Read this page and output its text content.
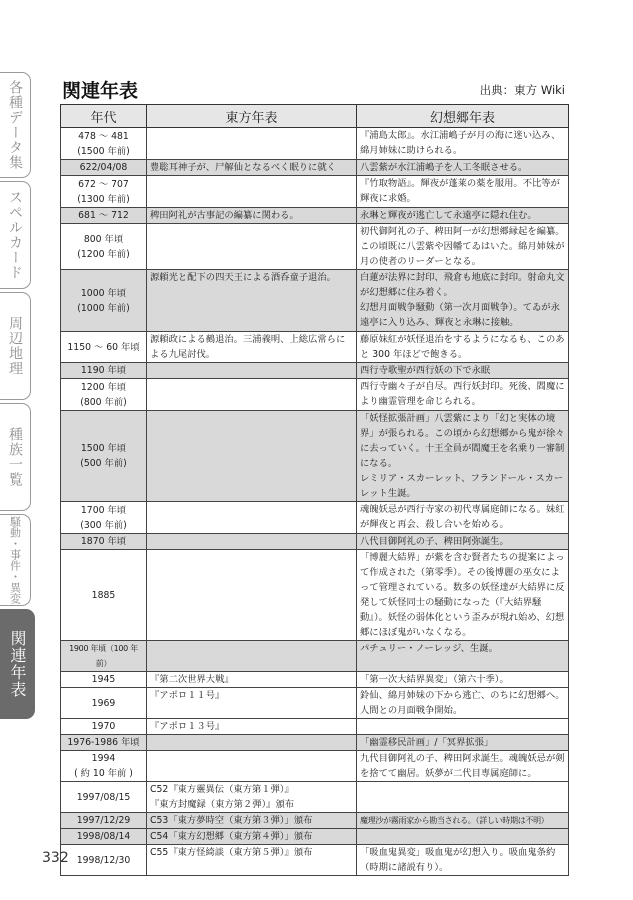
各種データ集
スペルカード
周辺地理
種族一覧
騒動・事件・異変
関連年表
関連年表	出典：東方 Wiki
年代	東方年表	幻想郷年表
478 〜 481
(1500 年前)		『浦島太郎』。水江浦嶋子が月の海に迷い込み、綿月姉妹に助けられる。
622/04/08	豊聡耳神子が、尸解仙となるべく眠りに就く	八雲紫が水江浦嶋子を人工冬眠させる。
672 〜 707
(1300 年前)		『竹取物語』。輝夜が蓬莱の薬を服用。不比等が輝夜に求婚。
681 〜 712	稗田阿礼が古事記の編纂に関わる。	永琳と輝夜が逃亡して永遠亭に隠れ住む。
800 年頃
(1200 年前)		初代御阿礼の子、稗田阿一が幻想郷縁起を編纂。この頃既に八雲紫や因幡てゐはいた。綿月姉妹が月の使者のリーダーとなる。
1000 年頃
(1000 年前)	源頼光と配下の四天王による酒呑童子退治。	白蓮が法界に封印、飛倉も地底に封印。射命丸文が幻想郷に住み着く。
幻想月面戦争騒動（第一次月面戦争）。てゐが永遠亭に入り込み、輝夜と永琳に接触。
1150 〜 60 年頃	源頼政による鵺退治。三浦義明、上総広常らによる九尾討伐。	藤原妹紅が妖怪退治をするようになるも、このあと 300 年ほどで飽きる。
1190 年頃		西行寺歌聖が西行妖の下で永眠
1200 年頃
(800 年前)		西行寺幽々子が自尽。西行妖封印。死後、閻魔により幽霊管理を命じられる。
1500 年頃
(500 年前)		「妖怪拡張計画」八雲紫により「幻と実体の境界」が張られる。この頃から幻想郷から鬼が徐々に去っていく。十王全員が閻魔王を名乗り一審制になる。
レミリア・スカーレット、フランドール・スカーレット生誕。
1700 年頃
(300 年前)		魂魄妖忌が西行寺家の初代専属庭師になる。妹紅が輝夜と再会、殺し合いを始める。
1870 年頃		八代目御阿礼の子、稗田阿弥誕生。
1885		「博麗大結界」が紫を含む賢者たちの提案によって作成された（第零季）。その後博麗の巫女によって管理されている。数多の妖怪達が大結界に反発して妖怪同士の騒動になった（『大結界騒動』）。妖怪の弱体化という歪みが現れ始め、幻想郷にほぼ鬼がいなくなる。
1900 年頃（100 年前）		パチュリー・ノーレッジ、生誕。
1945	『第二次世界大戦』	「第一次大結界異変」（第六十季）。
1969	『アポロ１１号』	鈴仙、綿月姉妹の下から逃亡、のちに幻想郷へ。人間との月面戦争開始。
1970	『アポロ１３号』	
1976-1986 年頃		「幽霊移民計画」/「冥界拡張」
1994
( 約 10 年前 )		九代目御阿礼の子、稗田阿求誕生。魂魄妖忌が剣を捨てて幽居。妖夢が二代目専属庭師に。
1997/08/15	C52『東方靈異伝（東方第１弾）』
『東方封魔録（東方第２弾）』頒布	
1997/12/29	C53「東方夢時空（東方第３弾）」頒布	魔理沙が霧雨家から勘当される。（詳しい時期は不明）
1998/08/14	C54「東方幻想郷（東方第４弾）」頒布	
1998/12/30	C55『東方怪綺談（東方第５弾）』頒布	「吸血鬼異変」吸血鬼が幻想入り。吸血鬼条約（時期に諸説有り）。
332
